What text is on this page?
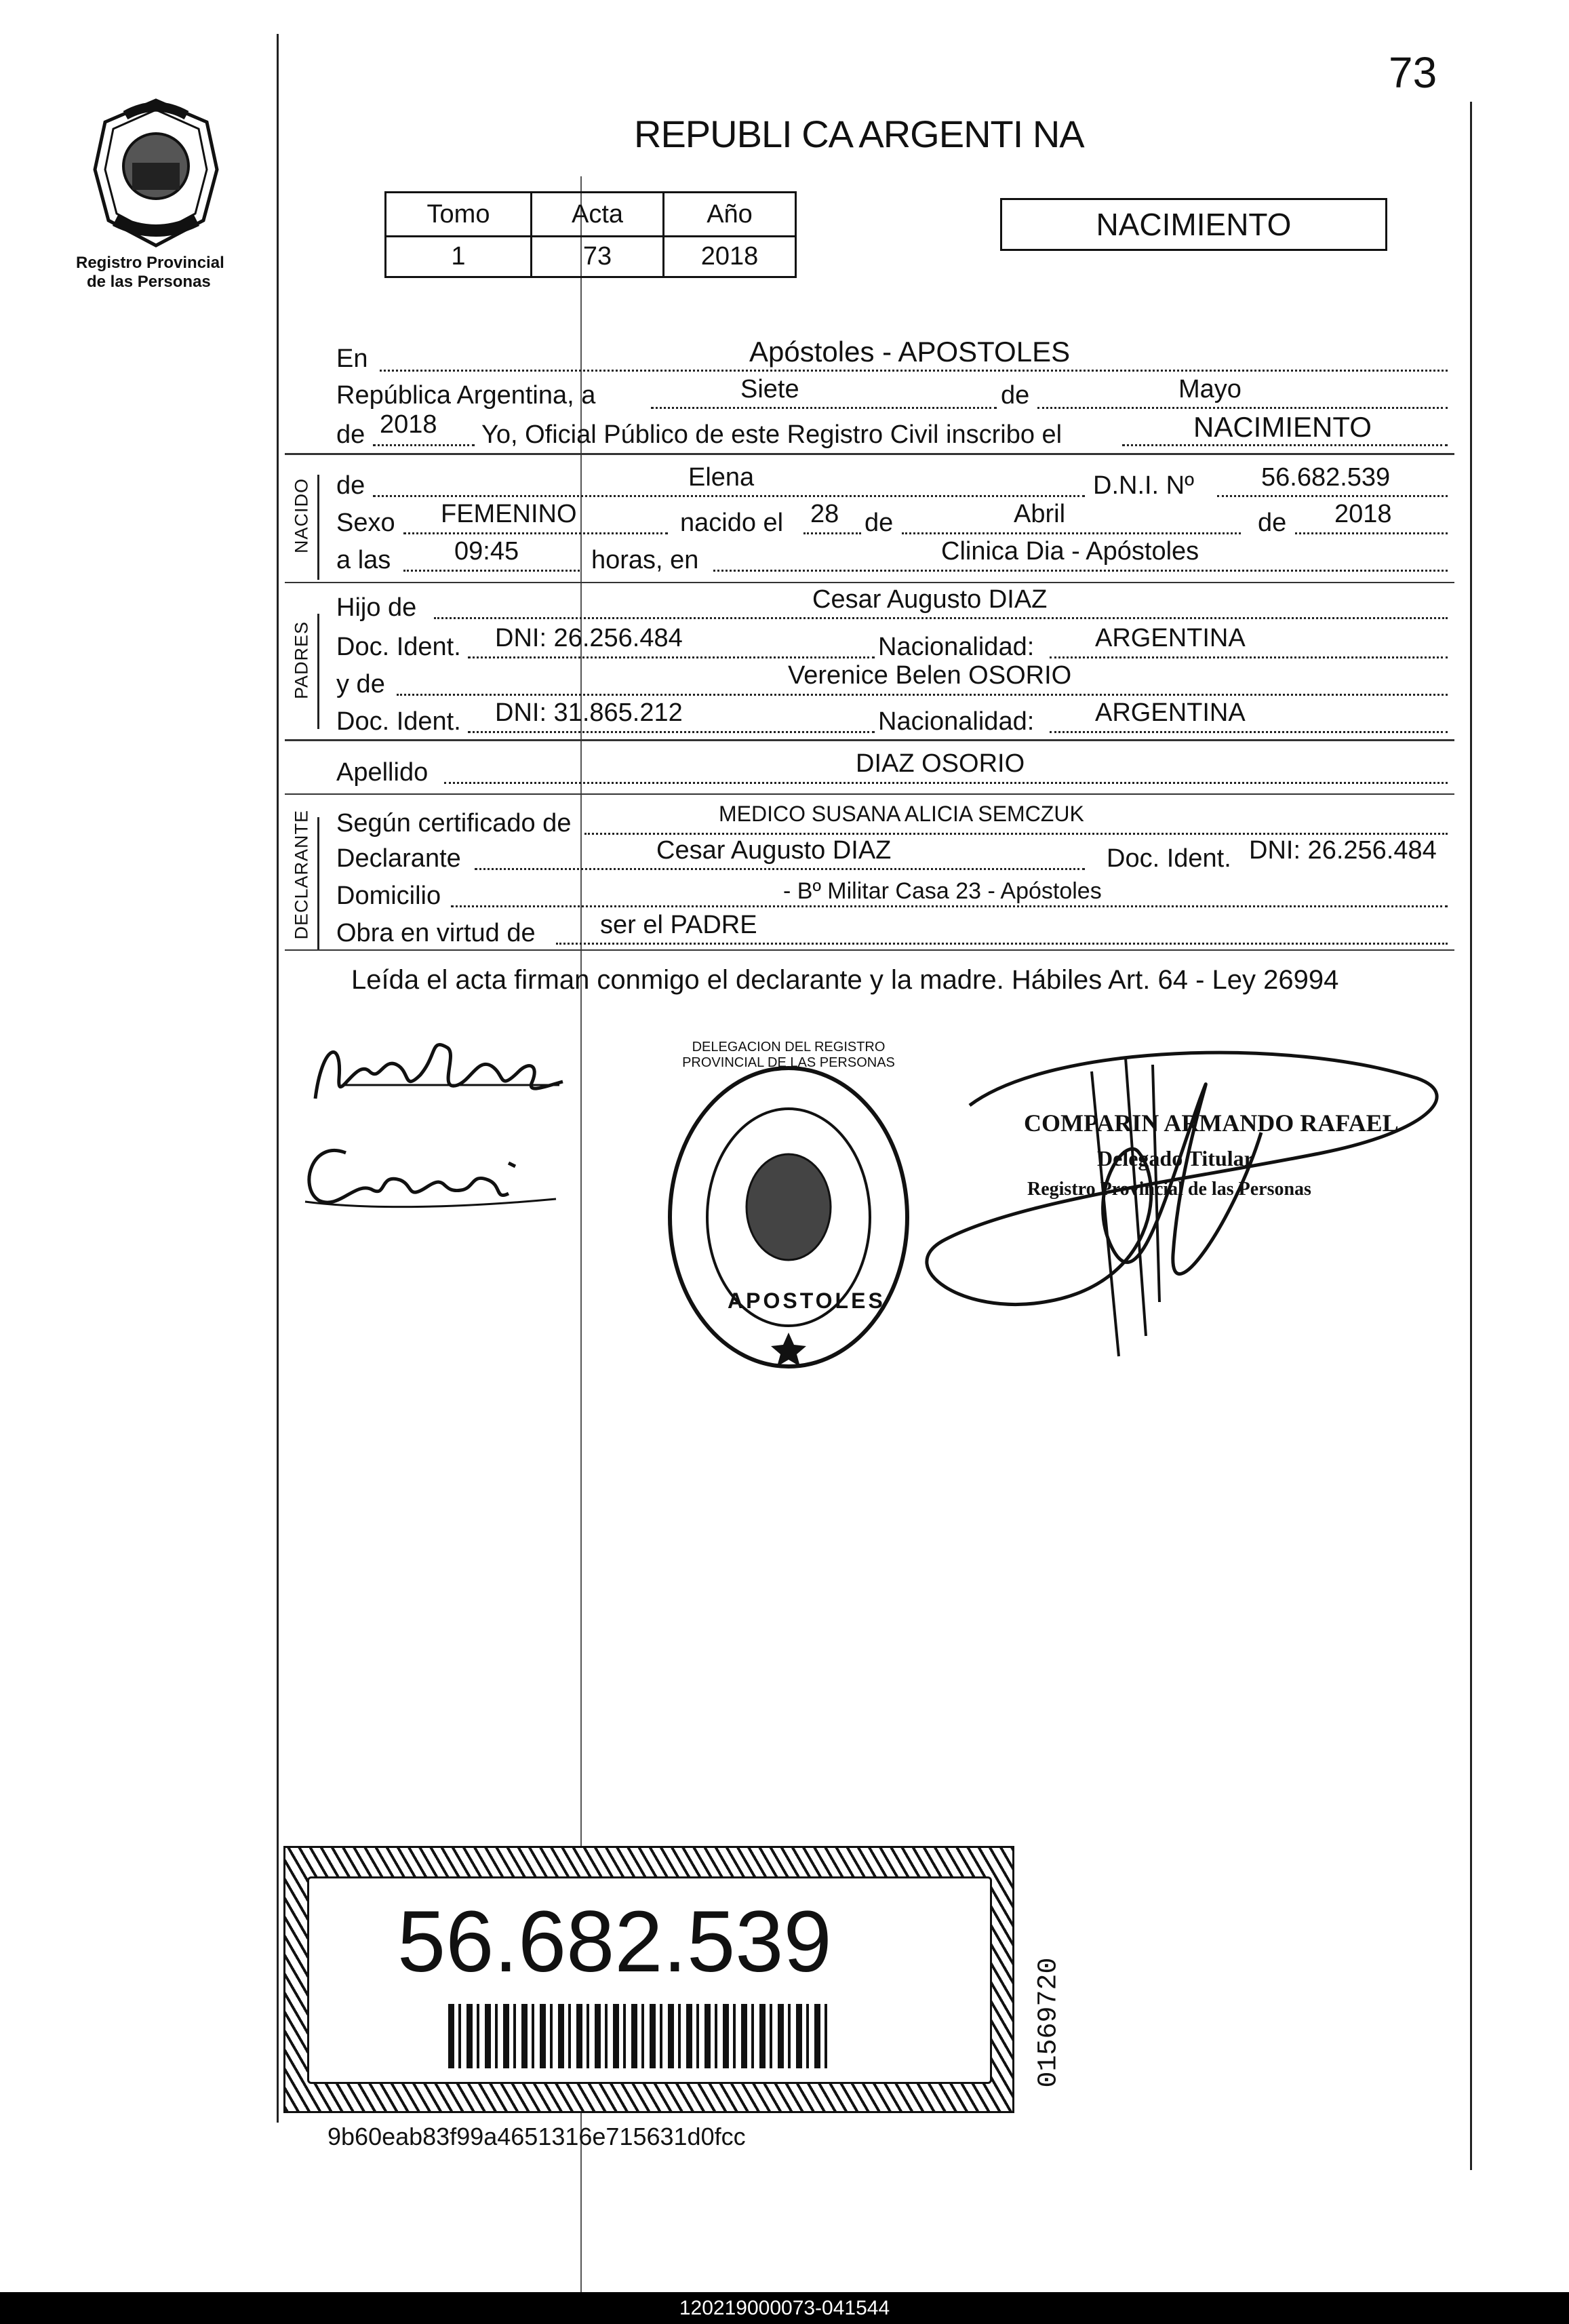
73
Registro Provincial
de las Personas
REPUBLI CA ARGENTI NA
Tomo	Acta	Año
1	73	2018
NACIMIENTO
En	Apóstoles - APOSTOLES
República Argentina, a	Siete	de	Mayo
de 2018 Yo, Oficial Público de este Registro Civil inscribo el	NACIMIENTO
NACIDO de	Elena	D.N.I. Nº	56.682.539
Sexo FEMENINO	nacido el 28 de	Abril	de 2018
a las 09:45	horas, en	Clinica Dia - Apóstoles
PADRES
Hijo de	Cesar Augusto DIAZ
Doc. Ident. DNI: 26.256.484	Nacionalidad: ARGENTINA
y de	Verenice Belen OSORIO
Doc. Ident. DNI: 31.865.212	Nacionalidad: ARGENTINA
Apellido	DIAZ OSORIO
DECLARANTE Según certificado de	MEDICO SUSANA ALICIA SEMCZUK
Declarante	Cesar Augusto DIAZ	Doc. Ident. DNI: 26.256.484
Domicilio	- Bº Militar Casa 23 - Apóstoles
Obra en virtud de	ser el PADRE
Leída el acta firman conmigo el declarante y la madre. Hábiles Art. 64 - Ley 26994
DELEGACION DEL REGISTRO PROVINCIAL DE LAS PERSONAS
APOSTOLES
COMPARIN ARMANDO RAFAEL
Delegado Titular
Registro Provincial de las Personas
56.682.539
01569720
9b60eab83f99a4651316e715631d0fcc
120219000073-041544
